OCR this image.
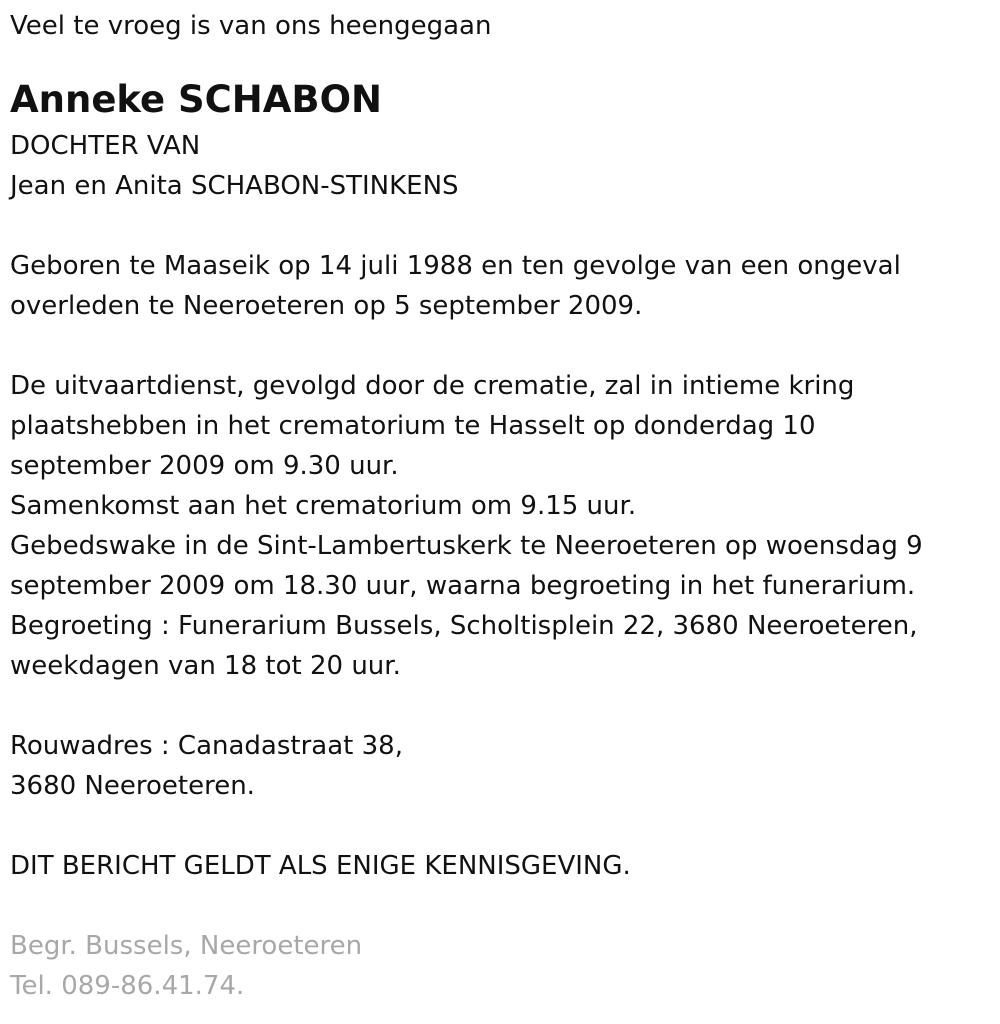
Veel te vroeg is van ons heengegaan
Anneke SCHABON
DOCHTER VAN
Jean en Anita SCHABON-STINKENS
Geboren te Maaseik op 14 juli 1988 en ten gevolge van een ongeval
overleden te Neeroeteren op 5 september 2009.
De uitvaartdienst, gevolgd door de crematie, zal in intieme kring
plaatshebben in het crematorium te Hasselt op donderdag 10
september 2009 om 9.30 uur.
Samenkomst aan het crematorium om 9.15 uur.
Gebedswake in de Sint-Lambertuskerk te Neeroeteren op woensdag 9
september 2009 om 18.30 uur, waarna begroeting in het funerarium.
Begroeting : Funerarium Bussels, Scholtisplein 22, 3680 Neeroeteren,
weekdagen van 18 tot 20 uur.
Rouwadres : Canadastraat 38,
3680 Neeroeteren.
DIT BERICHT GELDT ALS ENIGE KENNISGEVING.
Begr. Bussels, Neeroeteren
Tel. 089-86.41.74.
